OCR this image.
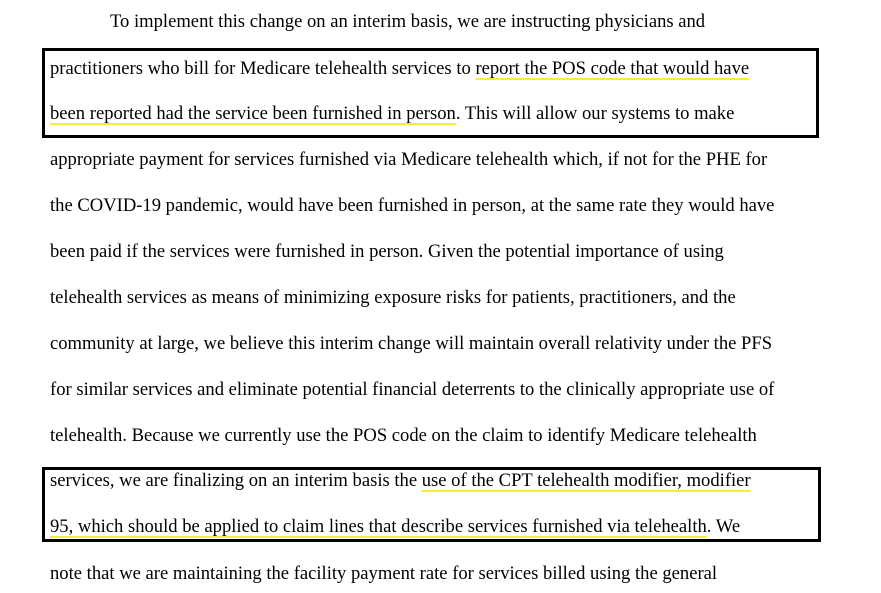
To implement this change on an interim basis, we are instructing physicians and
practitioners who bill for Medicare telehealth services to report the POS code that would have
been reported had the service been furnished in person. This will allow our systems to make
appropriate payment for services furnished via Medicare telehealth which, if not for the PHE for
the COVID-19 pandemic, would have been furnished in person, at the same rate they would have
been paid if the services were furnished in person. Given the potential importance of using
telehealth services as means of minimizing exposure risks for patients, practitioners, and the
community at large, we believe this interim change will maintain overall relativity under the PFS
for similar services and eliminate potential financial deterrents to the clinically appropriate use of
telehealth. Because we currently use the POS code on the claim to identify Medicare telehealth
services, we are finalizing on an interim basis the use of the CPT telehealth modifier, modifier
95, which should be applied to claim lines that describe services furnished via telehealth. We
note that we are maintaining the facility payment rate for services billed using the general
